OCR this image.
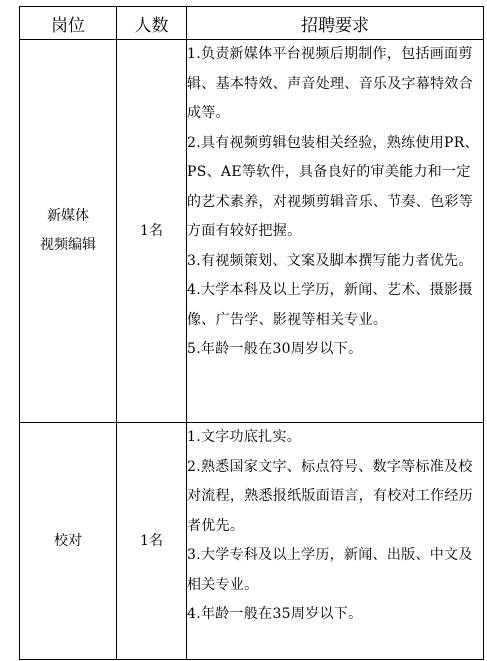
岗位	人数	招聘要求

新媒体
视频编辑	1名	1.负责新媒体平台视频后期制作，包括画面剪辑、基本特效、声音处理、音乐及字幕特效合成等。
2.具有视频剪辑包装相关经验，熟练使用PR、PS、AE等软件，具备良好的审美能力和一定的艺术素养，对视频剪辑音乐、节奏、色彩等方面有较好把握。
3.有视频策划、文案及脚本撰写能力者优先。
4.大学本科及以上学历，新闻、艺术、摄影摄像、广告学、影视等相关专业。
5.年龄一般在30周岁以下。

校对	1名	1.文字功底扎实。
2.熟悉国家文字、标点符号、数字等标准及校对流程，熟悉报纸版面语言，有校对工作经历者优先。
3.大学专科及以上学历，新闻、出版、中文及相关专业。
4.年龄一般在35周岁以下。
